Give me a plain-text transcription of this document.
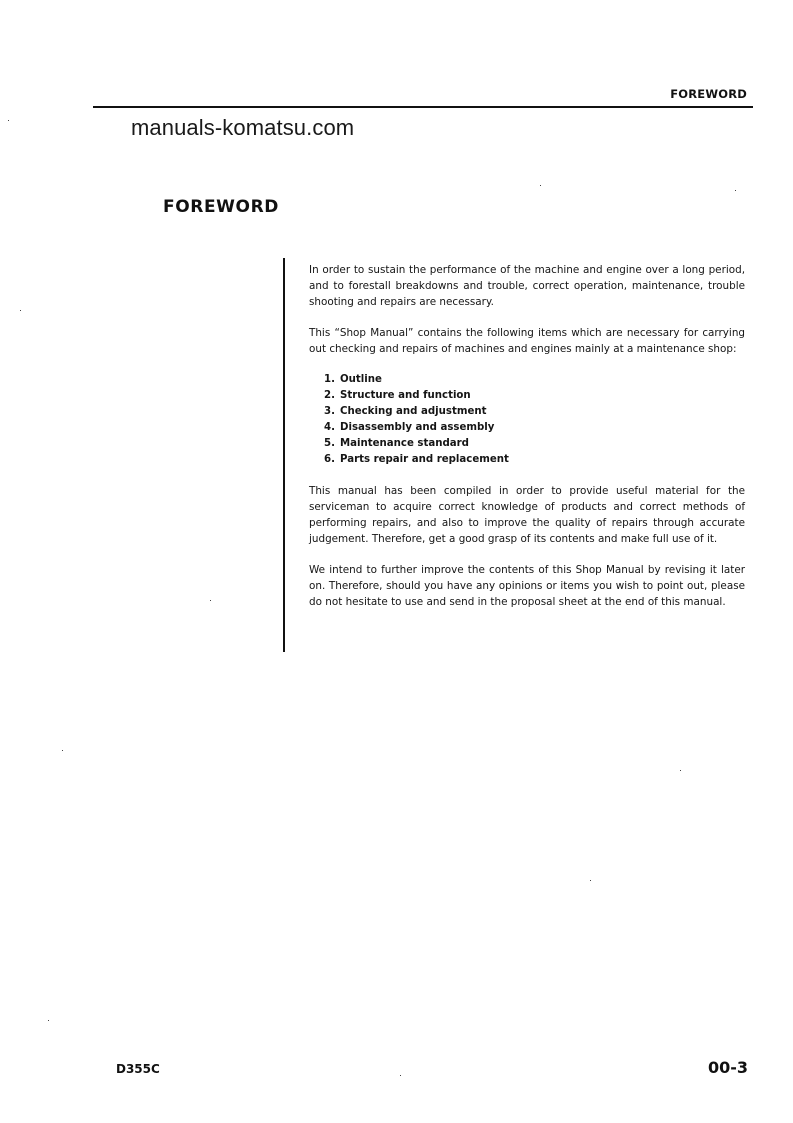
FOREWORD
manuals-komatsu.com
FOREWORD

In order to sustain the performance of the machine and engine over a long period, and to forestall breakdowns and trouble, correct operation, maintenance, trouble shooting and repairs are necessary.

This “Shop Manual” contains the following items which are necessary for carrying out checking and repairs of machines and engines mainly at a maintenance shop:

1. Outline
2. Structure and function
3. Checking and adjustment
4. Disassembly and assembly
5. Maintenance standard
6. Parts repair and replacement

This manual has been compiled in order to provide useful material for the serviceman to acquire correct knowledge of products and correct methods of performing repairs, and also to improve the quality of repairs through accurate judgement. Therefore, get a good grasp of its contents and make full use of it.

We intend to further improve the contents of this Shop Manual by revising it later on. Therefore, should you have any opinions or items you wish to point out, please do not hesitate to use and send in the proposal sheet at the end of this manual.

D355C	00-3
